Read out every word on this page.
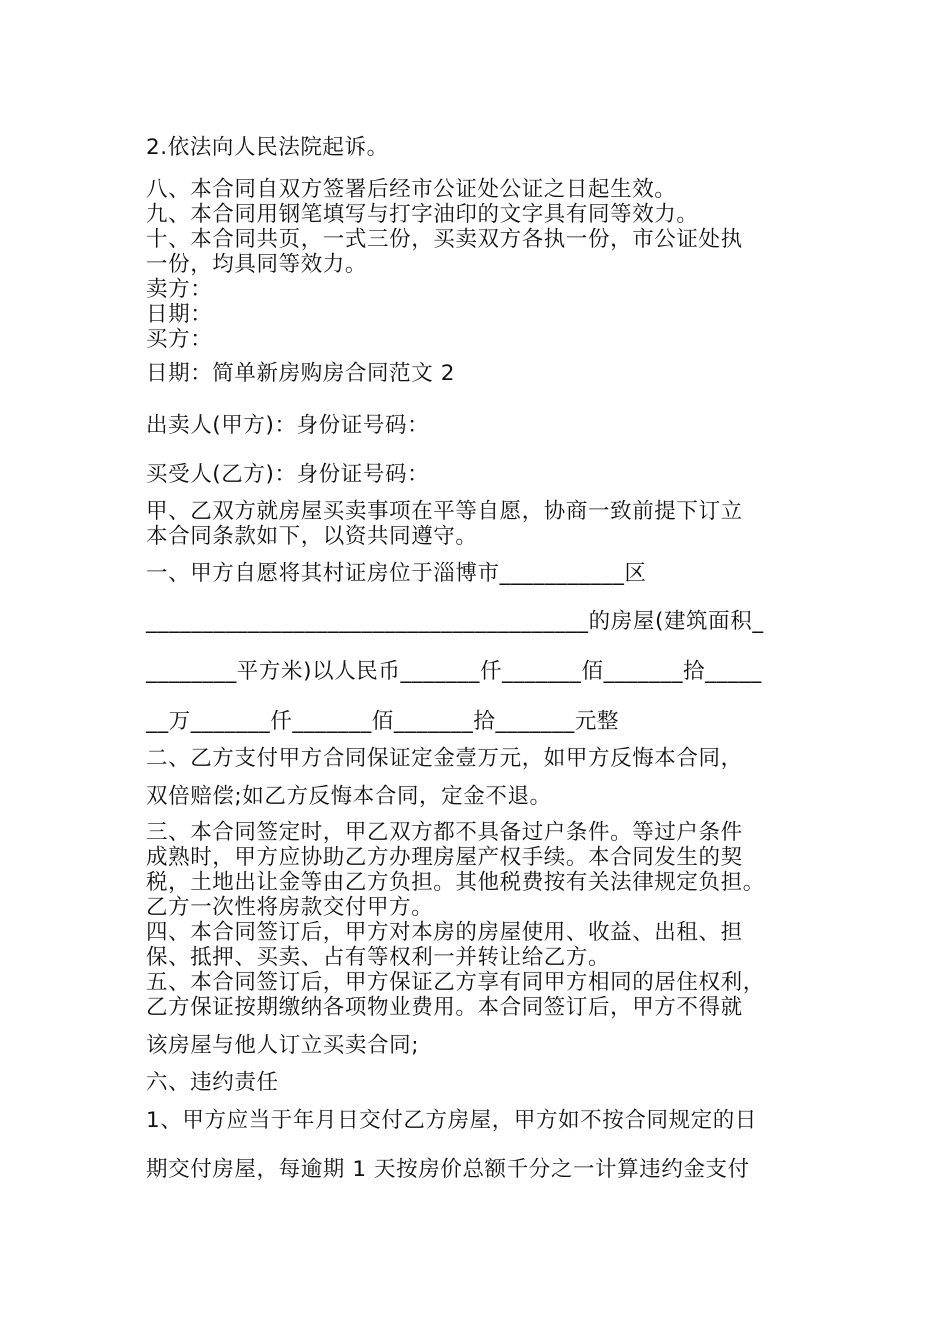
2.依法向人民法院起诉。
八、本合同自双方签署后经市公证处公证之日起生效。
九、本合同用钢笔填写与打字油印的文字具有同等效力。
十、本合同共页，一式三份，买卖双方各执一份，市公证处执
一份，均具同等效力。
卖方：
日期：
买方：
日期：简单新房购房合同范文 2
出卖人(甲方)：身份证号码：
买受人(乙方)：身份证号码：
甲、乙双方就房屋买卖事项在平等自愿，协商一致前提下订立
本合同条款如下，以资共同遵守。
一、甲方自愿将其村证房位于淄博市___________区
_______________________________________的房屋(建筑面积_
________平方米)以人民币_______仟_______佰_______拾_____
__万_______仟_______佰_______拾_______元整
二、乙方支付甲方合同保证定金壹万元，如甲方反悔本合同，
双倍赔偿;如乙方反悔本合同，定金不退。
三、本合同签定时，甲乙双方都不具备过户条件。等过户条件
成熟时，甲方应协助乙方办理房屋产权手续。本合同发生的契
税，土地出让金等由乙方负担。其他税费按有关法律规定负担。
乙方一次性将房款交付甲方。
四、本合同签订后，甲方对本房的房屋使用、收益、出租、担
保、抵押、买卖、占有等权利一并转让给乙方。
五、本合同签订后，甲方保证乙方享有同甲方相同的居住权利，
乙方保证按期缴纳各项物业费用。本合同签订后，甲方不得就
该房屋与他人订立买卖合同;
六、违约责任
1、甲方应当于年月日交付乙方房屋，甲方如不按合同规定的日
期交付房屋，每逾期 1 天按房价总额千分之一计算违约金支付
